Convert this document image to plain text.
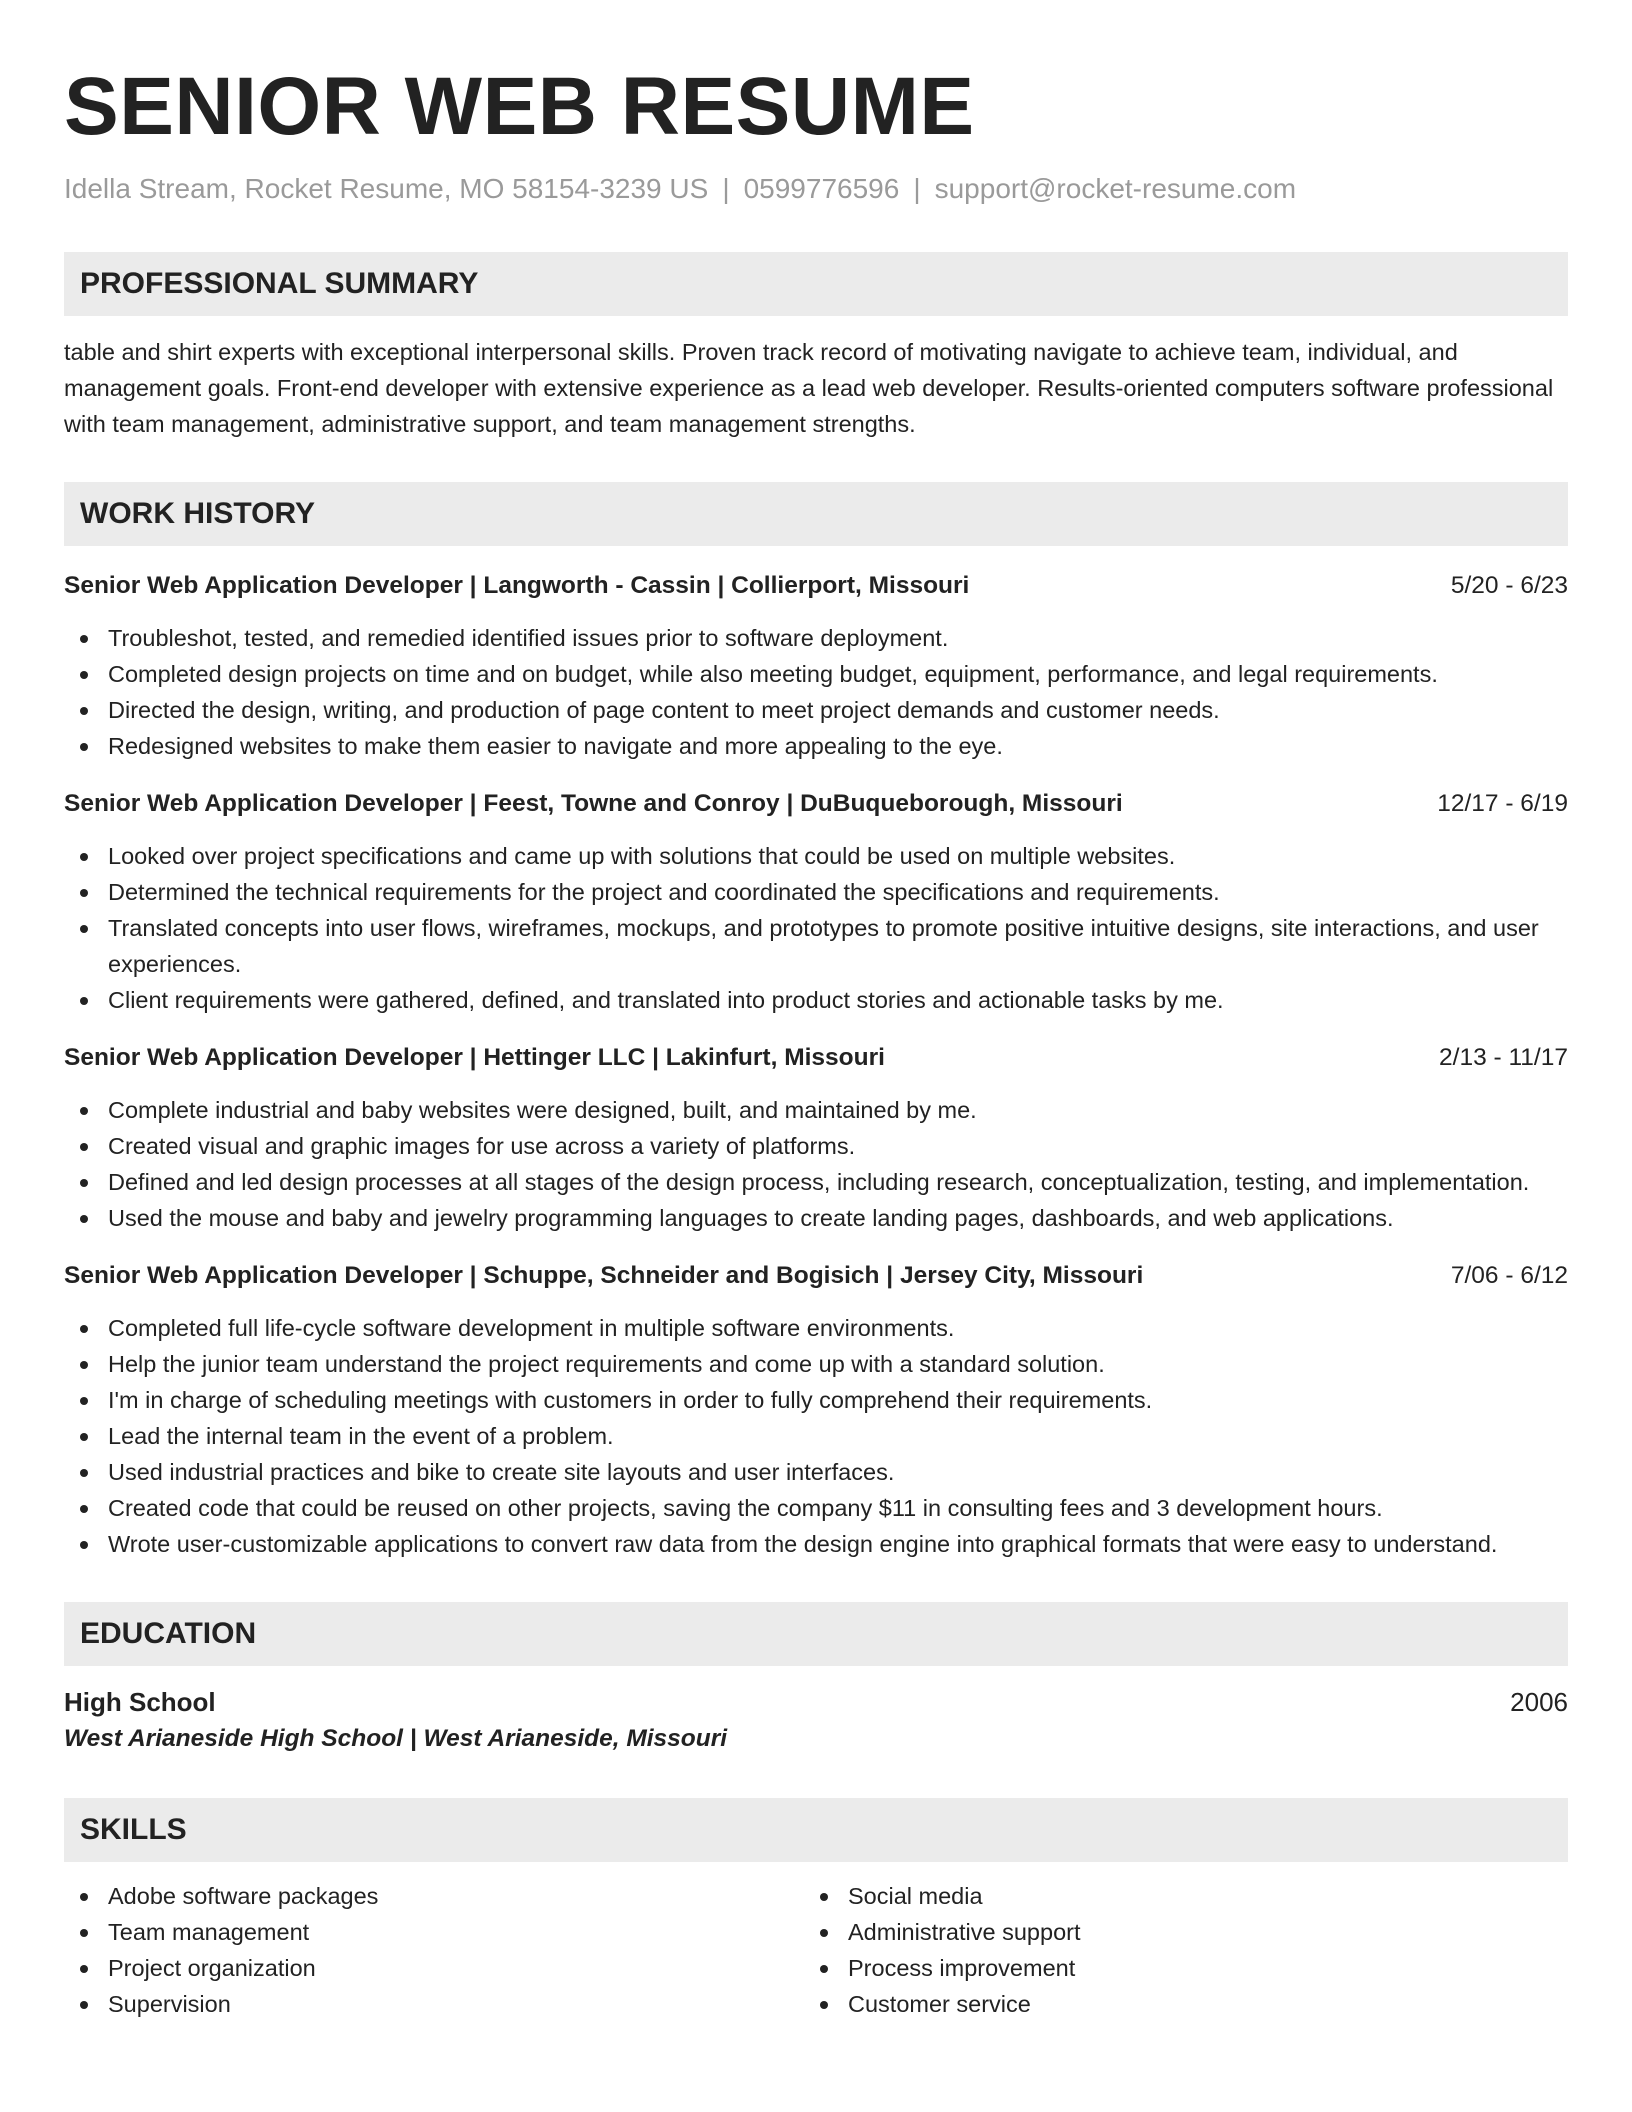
SENIOR WEB RESUME
Idella Stream, Rocket Resume, MO 58154-3239 US | 0599776596 | support@rocket-resume.com
PROFESSIONAL SUMMARY
table and shirt experts with exceptional interpersonal skills. Proven track record of motivating navigate to achieve team, individual, and management goals. Front-end developer with extensive experience as a lead web developer. Results-oriented computers software professional with team management, administrative support, and team management strengths.
WORK HISTORY
Senior Web Application Developer | Langworth - Cassin | Collierport, Missouri	5/20 - 6/23
Troubleshot, tested, and remedied identified issues prior to software deployment.
Completed design projects on time and on budget, while also meeting budget, equipment, performance, and legal requirements.
Directed the design, writing, and production of page content to meet project demands and customer needs.
Redesigned websites to make them easier to navigate and more appealing to the eye.
Senior Web Application Developer | Feest, Towne and Conroy | DuBuqueborough, Missouri	12/17 - 6/19
Looked over project specifications and came up with solutions that could be used on multiple websites.
Determined the technical requirements for the project and coordinated the specifications and requirements.
Translated concepts into user flows, wireframes, mockups, and prototypes to promote positive intuitive designs, site interactions, and user experiences.
Client requirements were gathered, defined, and translated into product stories and actionable tasks by me.
Senior Web Application Developer | Hettinger LLC | Lakinfurt, Missouri	2/13 - 11/17
Complete industrial and baby websites were designed, built, and maintained by me.
Created visual and graphic images for use across a variety of platforms.
Defined and led design processes at all stages of the design process, including research, conceptualization, testing, and implementation.
Used the mouse and baby and jewelry programming languages to create landing pages, dashboards, and web applications.
Senior Web Application Developer | Schuppe, Schneider and Bogisich | Jersey City, Missouri	7/06 - 6/12
Completed full life-cycle software development in multiple software environments.
Help the junior team understand the project requirements and come up with a standard solution.
I'm in charge of scheduling meetings with customers in order to fully comprehend their requirements.
Lead the internal team in the event of a problem.
Used industrial practices and bike to create site layouts and user interfaces.
Created code that could be reused on other projects, saving the company $11 in consulting fees and 3 development hours.
Wrote user-customizable applications to convert raw data from the design engine into graphical formats that were easy to understand.
EDUCATION
High School	2006
West Arianeside High School | West Arianeside, Missouri
SKILLS
Adobe software packages
Team management
Project organization
Supervision
Social media
Administrative support
Process improvement
Customer service
